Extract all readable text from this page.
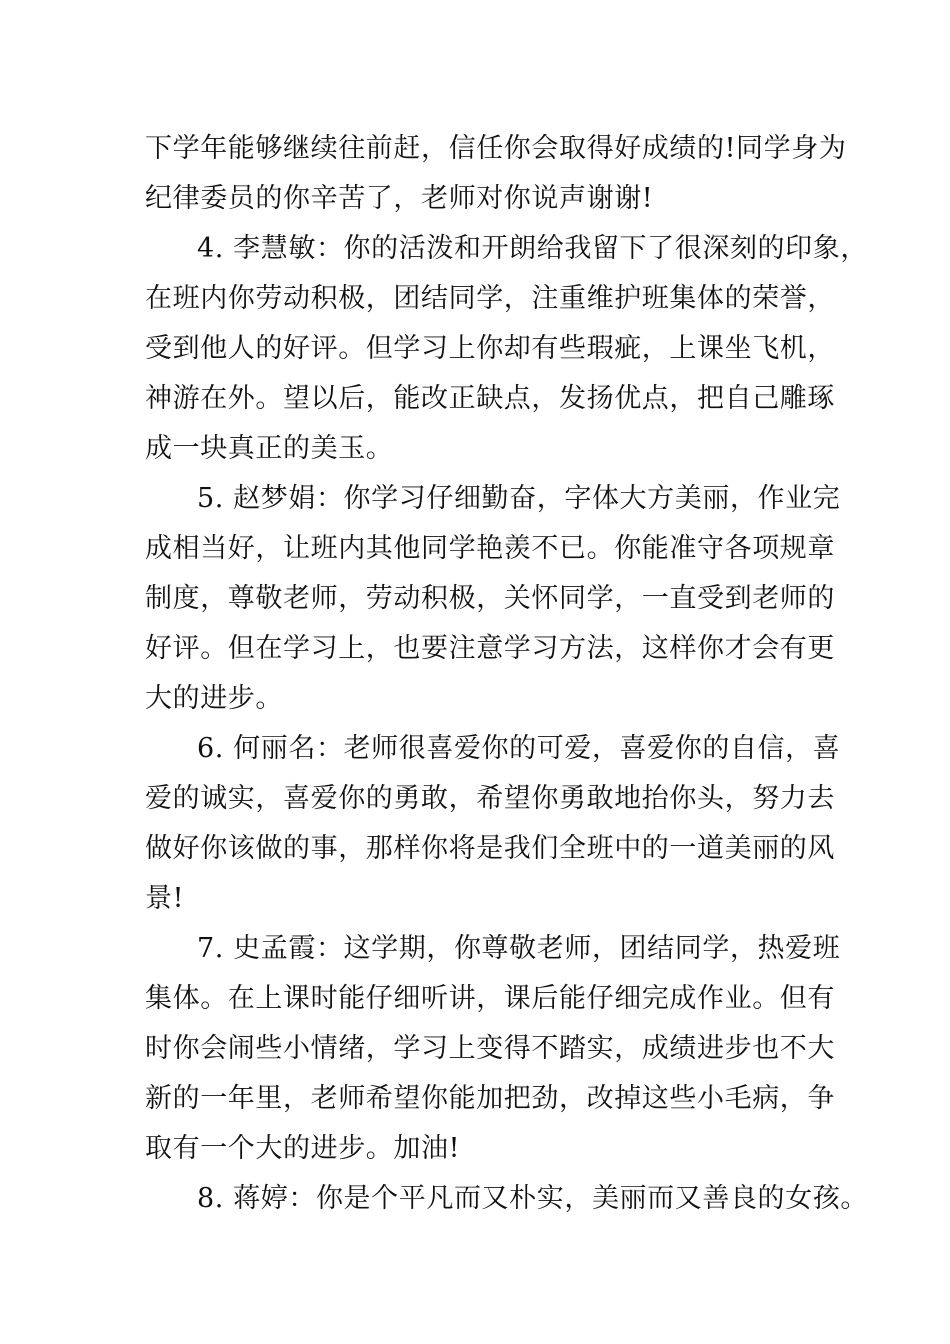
下学年能够继续往前赶，信任你会取得好成绩的!同学身为
纪律委员的你辛苦了，老师对你说声谢谢!
4. 李慧敏：你的活泼和开朗给我留下了很深刻的印象，
在班内你劳动积极，团结同学，注重维护班集体的荣誉，
受到他人的好评。但学习上你却有些瑕疵，上课坐飞机，
神游在外。望以后，能改正缺点，发扬优点，把自己雕琢
成一块真正的美玉。
5. 赵梦娟：你学习仔细勤奋，字体大方美丽，作业完
成相当好，让班内其他同学艳羡不已。你能准守各项规章
制度，尊敬老师，劳动积极，关怀同学，一直受到老师的
好评。但在学习上，也要注意学习方法，这样你才会有更
大的进步。
6. 何丽名：老师很喜爱你的可爱，喜爱你的自信，喜
爱的诚实，喜爱你的勇敢，希望你勇敢地抬你头，努力去
做好你该做的事，那样你将是我们全班中的一道美丽的风
景!
7. 史孟霞：这学期，你尊敬老师，团结同学，热爱班
集体。在上课时能仔细听讲，课后能仔细完成作业。但有
时你会闹些小情绪，学习上变得不踏实，成绩进步也不大
新的一年里，老师希望你能加把劲，改掉这些小毛病，争
取有一个大的进步。加油!
8. 蒋婷：你是个平凡而又朴实，美丽而又善良的女孩。
